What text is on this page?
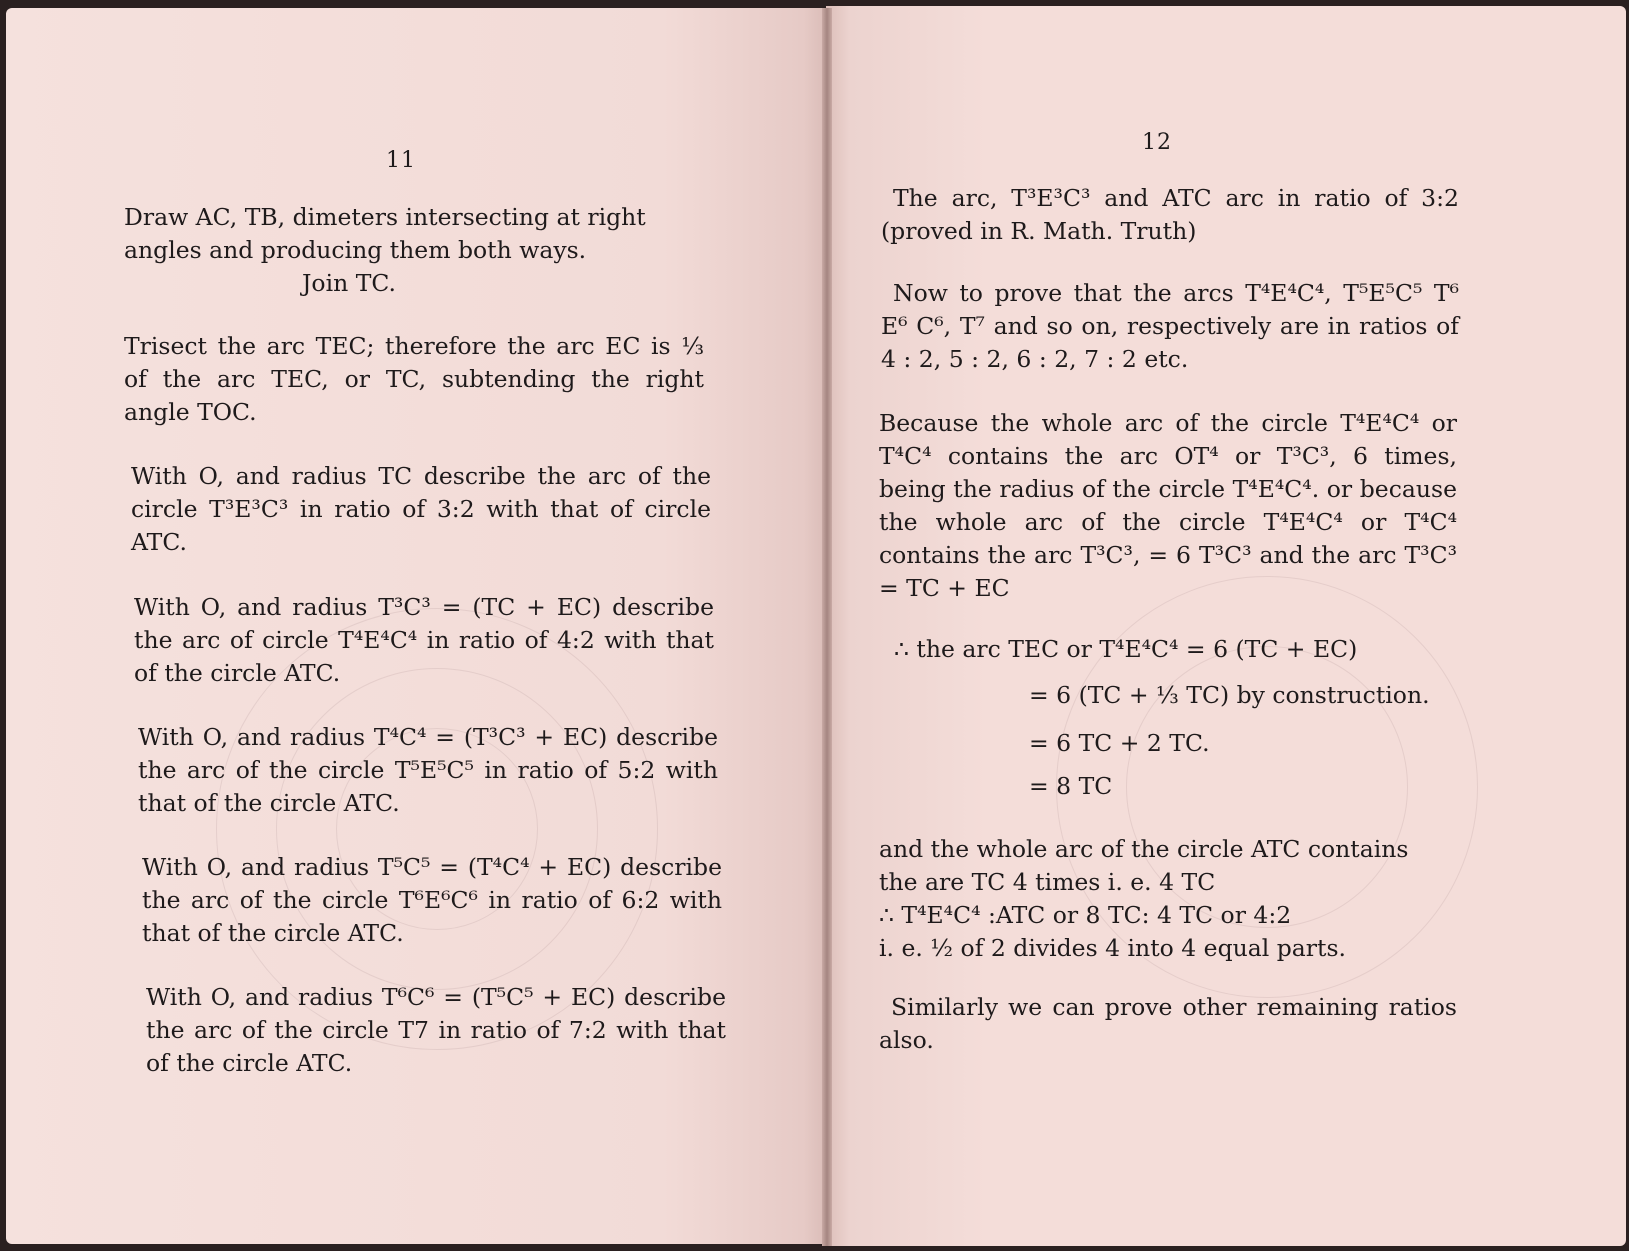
11

Draw AC, TB, dimeters intersecting at right

angles and producing them both ways.

Join TC.

Trisect the arc TEC; therefore the arc EC is ⅓ of the arc TEC, or TC, subtending the right angle TOC.

With O, and radius TC describe the arc of the circle T³E³C³ in ratio of 3:2 with that of circle ATC.

With O, and radius T³C³ = (TC + EC) describe the arc of circle T⁴E⁴C⁴ in ratio of 4:2 with that of the circle ATC.

With O, and radius T⁴C⁴ = (T³C³ + EC) describe the arc of the circle T⁵E⁵C⁵ in ratio of 5:2 with that of the circle ATC.

With O, and radius T⁵C⁵ = (T⁴C⁴ + EC) describe the arc of the circle T⁶E⁶C⁶ in ratio of 6:2 with that of the circle ATC.

With O, and radius T⁶C⁶ = (T⁵C⁵ + EC) describe the arc of the circle T7 in ratio of 7:2 with that of the circle ATC.

12

The arc, T³E³C³ and ATC arc in ratio of 3:2 (proved in R. Math. Truth)

Now to prove that the arcs T⁴E⁴C⁴, T⁵E⁵C⁵ T⁶ E⁶ C⁶, T⁷ and so on, respectively are in ratios of 4 : 2, 5 : 2, 6 : 2, 7 : 2 etc.

Because the whole arc of the circle T⁴E⁴C⁴ or T⁴C⁴ contains the arc OT⁴ or T³C³, 6 times, being the radius of the circle T⁴E⁴C⁴. or because the whole arc of the circle T⁴E⁴C⁴ or T⁴C⁴ contains the arc T³C³, = 6 T³C³ and the arc T³C³ = TC + EC

∴ the arc TEC or T⁴E⁴C⁴ = 6 (TC + EC)
= 6 (TC + ⅓ TC) by construction.
= 6 TC + 2 TC.
= 8 TC

and the whole arc of the circle ATC contains

the are TC 4 times i. e. 4 TC

∴ T⁴E⁴C⁴ :ATC or 8 TC: 4 TC or 4:2

i. e. ½ of 2 divides 4 into 4 equal parts.

Similarly we can prove other remaining ratios also.
